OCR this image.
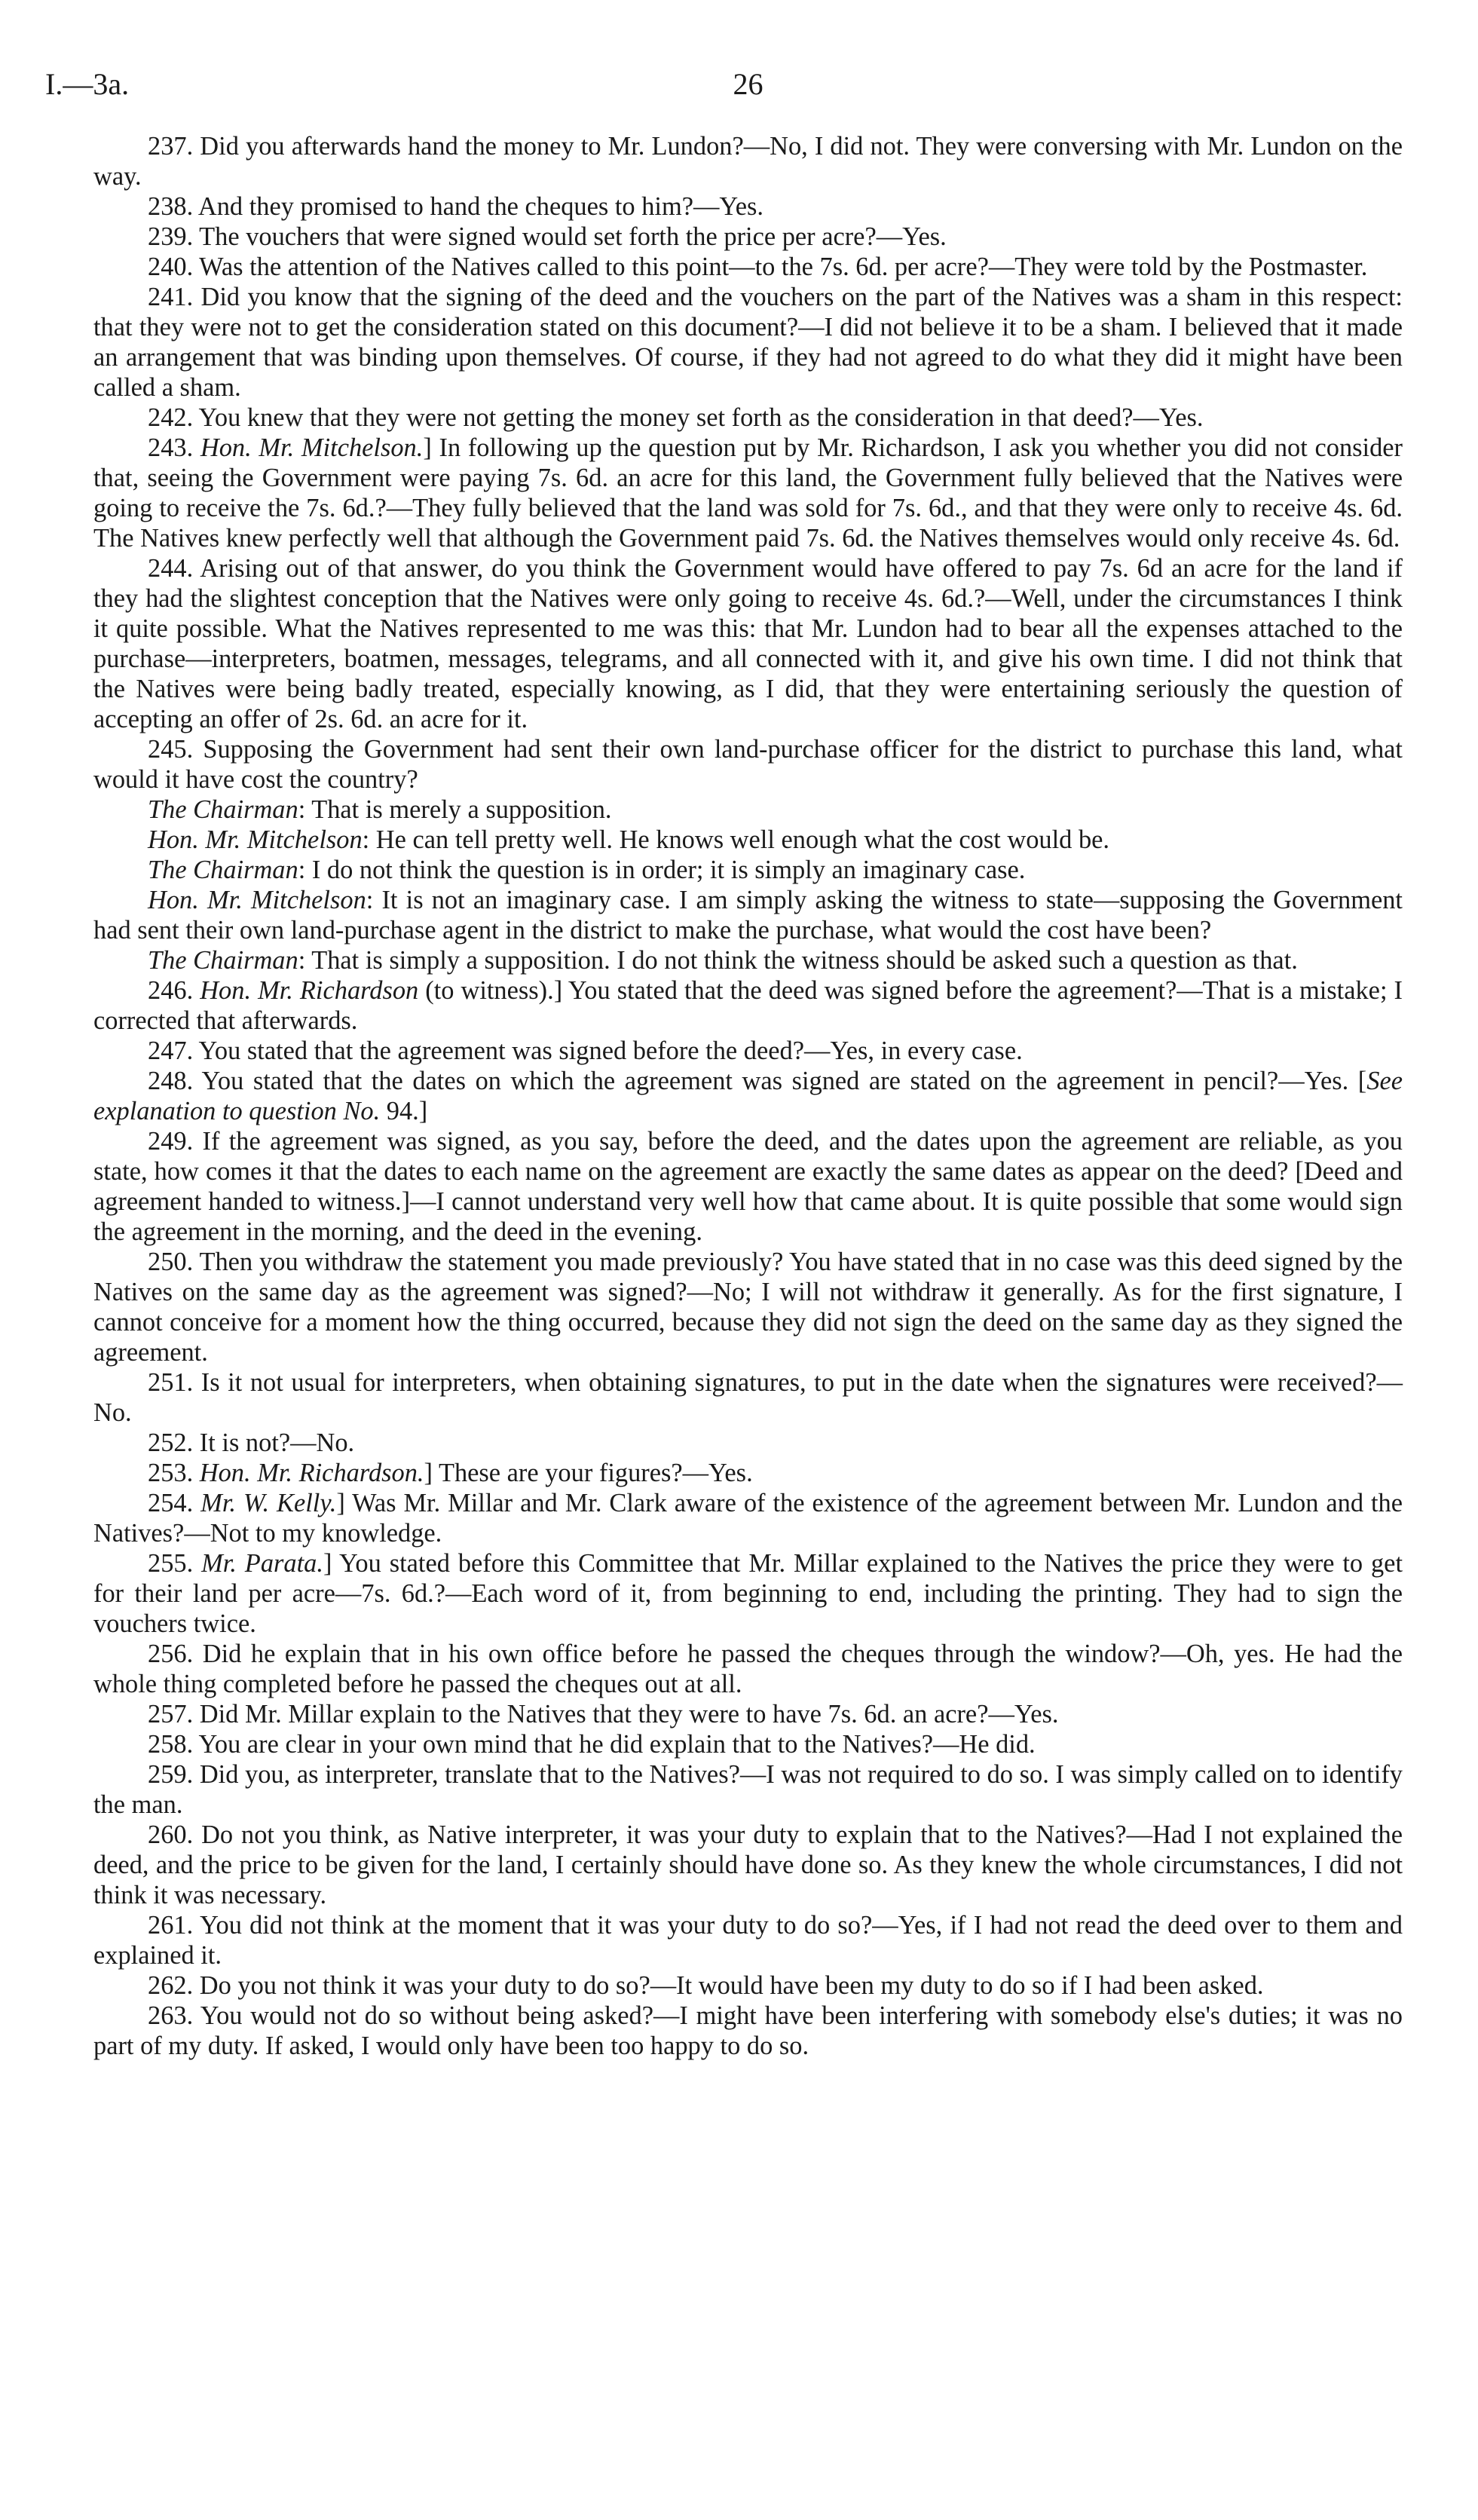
I.—3a.	26

237. Did you afterwards hand the money to Mr. Lundon?—No, I did not. They were conversing with Mr. Lundon on the way.

238. And they promised to hand the cheques to him?—Yes.

239. The vouchers that were signed would set forth the price per acre?—Yes.

240. Was the attention of the Natives called to this point—to the 7s. 6d. per acre?—They were told by the Postmaster.

241. Did you know that the signing of the deed and the vouchers on the part of the Natives was a sham in this respect: that they were not to get the consideration stated on this document?—I did not believe it to be a sham. I believed that it made an arrangement that was binding upon themselves. Of course, if they had not agreed to do what they did it might have been called a sham.

242. You knew that they were not getting the money set forth as the consideration in that deed?—Yes.

243. Hon. Mr. Mitchelson.] In following up the question put by Mr. Richardson, I ask you whether you did not consider that, seeing the Government were paying 7s. 6d. an acre for this land, the Government fully believed that the Natives were going to receive the 7s. 6d.?—They fully believed that the land was sold for 7s. 6d., and that they were only to receive 4s. 6d. The Natives knew perfectly well that although the Government paid 7s. 6d. the Natives themselves would only receive 4s. 6d.

244. Arising out of that answer, do you think the Government would have offered to pay 7s. 6d an acre for the land if they had the slightest conception that the Natives were only going to receive 4s. 6d.?—Well, under the circumstances I think it quite possible. What the Natives represented to me was this: that Mr. Lundon had to bear all the expenses attached to the purchase—interpreters, boatmen, messages, telegrams, and all connected with it, and give his own time. I did not think that the Natives were being badly treated, especially knowing, as I did, that they were entertaining seriously the question of accepting an offer of 2s. 6d. an acre for it.

245. Supposing the Government had sent their own land-purchase officer for the district to purchase this land, what would it have cost the country?

The Chairman: That is merely a supposition.

Hon. Mr. Mitchelson: He can tell pretty well. He knows well enough what the cost would be.

The Chairman: I do not think the question is in order; it is simply an imaginary case.

Hon. Mr. Mitchelson: It is not an imaginary case. I am simply asking the witness to state—supposing the Government had sent their own land-purchase agent in the district to make the purchase, what would the cost have been?

The Chairman: That is simply a supposition. I do not think the witness should be asked such a question as that.

246. Hon. Mr. Richardson (to witness).] You stated that the deed was signed before the agreement?—That is a mistake; I corrected that afterwards.

247. You stated that the agreement was signed before the deed?—Yes, in every case.

248. You stated that the dates on which the agreement was signed are stated on the agreement in pencil?—Yes. [See explanation to question No. 94.]

249. If the agreement was signed, as you say, before the deed, and the dates upon the agreement are reliable, as you state, how comes it that the dates to each name on the agreement are exactly the same dates as appear on the deed? [Deed and agreement handed to witness.]—I cannot understand very well how that came about. It is quite possible that some would sign the agreement in the morning, and the deed in the evening.

250. Then you withdraw the statement you made previously? You have stated that in no case was this deed signed by the Natives on the same day as the agreement was signed?—No; I will not withdraw it generally. As for the first signature, I cannot conceive for a moment how the thing occurred, because they did not sign the deed on the same day as they signed the agreement.

251. Is it not usual for interpreters, when obtaining signatures, to put in the date when the signatures were received?—No.

252. It is not?—No.

253. Hon. Mr. Richardson.] These are your figures?—Yes.

254. Mr. W. Kelly.] Was Mr. Millar and Mr. Clark aware of the existence of the agreement between Mr. Lundon and the Natives?—Not to my knowledge.

255. Mr. Parata.] You stated before this Committee that Mr. Millar explained to the Natives the price they were to get for their land per acre—7s. 6d.?—Each word of it, from beginning to end, including the printing. They had to sign the vouchers twice.

256. Did he explain that in his own office before he passed the cheques through the window?—Oh, yes. He had the whole thing completed before he passed the cheques out at all.

257. Did Mr. Millar explain to the Natives that they were to have 7s. 6d. an acre?—Yes.

258. You are clear in your own mind that he did explain that to the Natives?—He did.

259. Did you, as interpreter, translate that to the Natives?—I was not required to do so. I was simply called on to identify the man.

260. Do not you think, as Native interpreter, it was your duty to explain that to the Natives?—Had I not explained the deed, and the price to be given for the land, I certainly should have done so. As they knew the whole circumstances, I did not think it was necessary.

261. You did not think at the moment that it was your duty to do so?—Yes, if I had not read the deed over to them and explained it.

262. Do you not think it was your duty to do so?—It would have been my duty to do so if I had been asked.

263. You would not do so without being asked?—I might have been interfering with somebody else's duties; it was no part of my duty. If asked, I would only have been too happy to do so.
